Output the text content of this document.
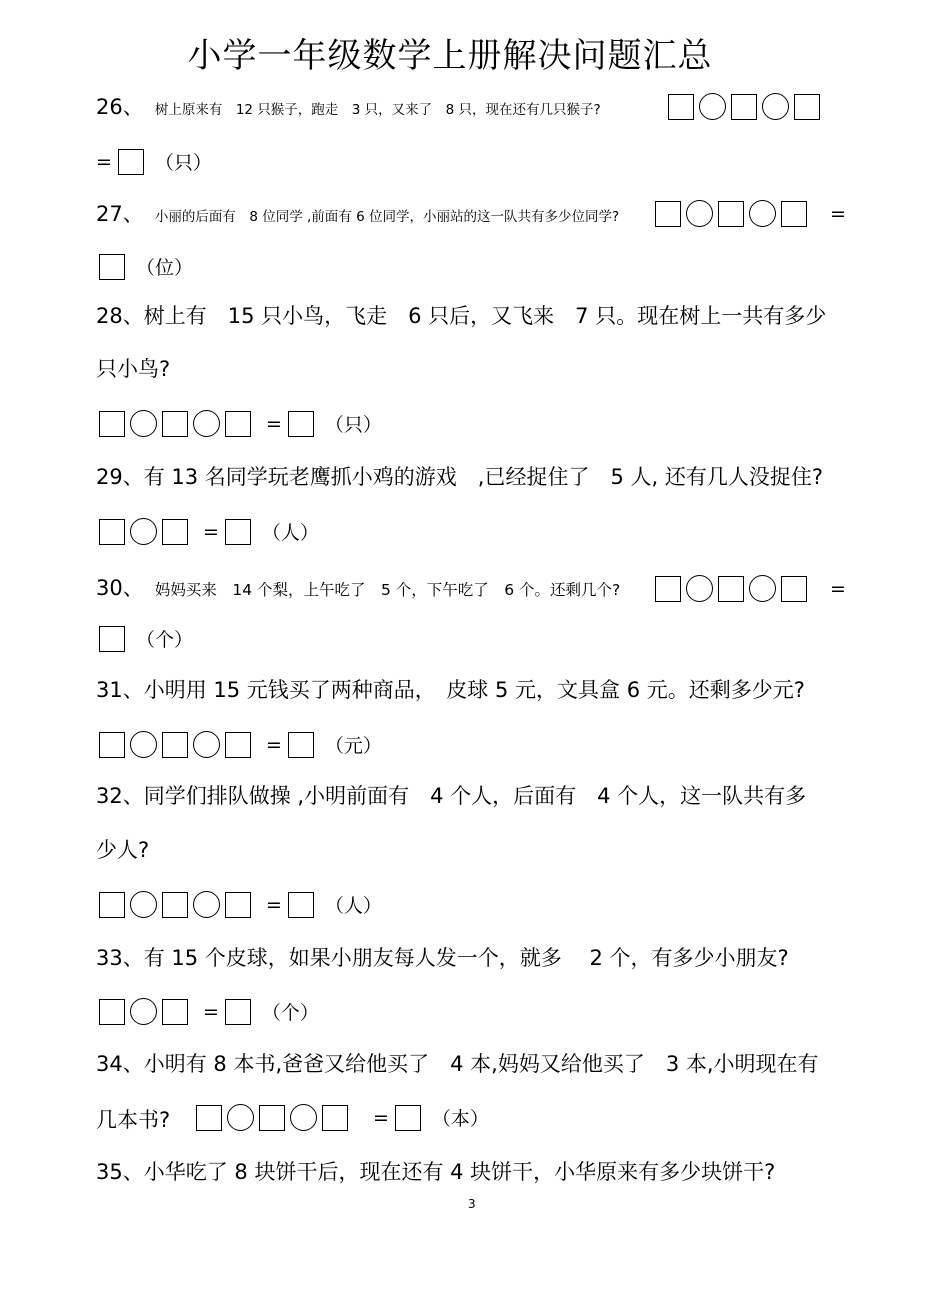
小学一年级数学上册解决问题汇总
26、 树上原来有　12 只猴子，跑走　3 只，又来了　8 只，现在还有几只猴子?
= （只）
27、 小丽的后面有　8 位同学 ,前面有 6 位同学，小丽站的这一队共有多少位同学?	=
（位）
28、树上有　15 只小鸟，飞走　6 只后，又飞来　7 只。现在树上一共有多少
只小鸟?
= （只）
29、有 13 名同学玩老鹰抓小鸡的游戏　,已经捉住了　5 人, 还有几人没捉住?
= （人）
30、 妈妈买来　14 个梨，上午吃了　5 个，下午吃了　6 个。还剩几个?	=
（个）
31、小明用 15 元钱买了两种商品，　皮球 5 元，文具盒 6 元。还剩多少元?
= （元）
32、同学们排队做操 ,小明前面有　4 个人，后面有　4 个人，这一队共有多
少人?
= （人）
33、有 15 个皮球，如果小朋友每人发一个，就多　 2 个，有多少小朋友?
= （个）
34、小明有 8 本书,爸爸又给他买了　4 本,妈妈又给他买了　3 本,小明现在有
几本书?	= （本）
35、小华吃了 8 块饼干后，现在还有 4 块饼干，小华原来有多少块饼干?
3
